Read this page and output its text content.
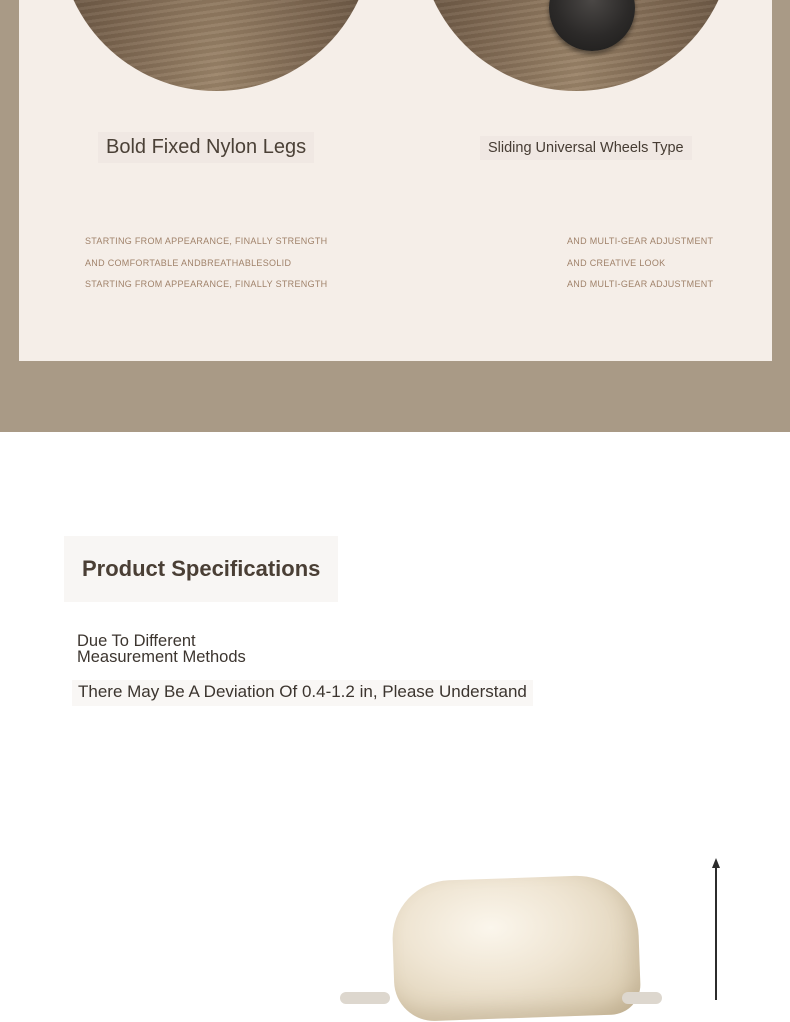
Bold Fixed Nylon Legs	Sliding Universal Wheels Type
STARTING FROM APPEARANCE, FINALLY STRENGTH
AND COMFORTABLE ANDBREATHABLESOLID
STARTING FROM APPEARANCE, FINALLY STRENGTH
AND MULTI-GEAR ADJUSTMENT
AND CREATIVE LOOK
AND MULTI-GEAR ADJUSTMENT
Product Specifications
Due To Different Measurement Methods
There May Be A Deviation Of 0.4-1.2 in, Please Understand
